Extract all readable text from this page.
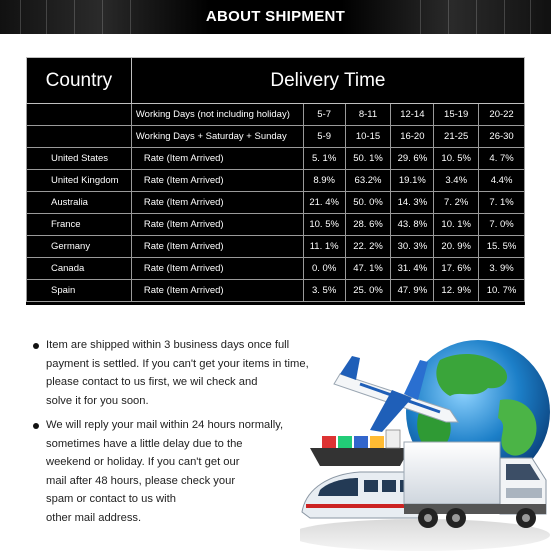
ABOUT SHIPMENT
Country	Delivery Time					
	Working Days (not including holiday)	5-7	8-11	12-14	15-19	20-22
	Working Days + Saturday + Sunday	5-9	10-15	16-20	21-25	26-30
United States	Rate (Item Arrived)	5. 1%	50. 1%	29. 6%	10. 5%	4. 7%
United Kingdom	Rate (Item Arrived)	8.9%	63.2%	19.1%	3.4%	4.4%
Australia	Rate (Item Arrived)	21. 4%	50. 0%	14. 3%	7. 2%	7. 1%
France	Rate (Item Arrived)	10. 5%	28. 6%	43. 8%	10. 1%	7. 0%
Germany	Rate (Item Arrived)	11. 1%	22. 2%	30. 3%	20. 9%	15. 5%
Canada	Rate (Item Arrived)	0. 0%	47. 1%	31. 4%	17. 6%	3. 9%
Spain	Rate (Item Arrived)	3. 5%	25. 0%	47. 9%	12. 9%	10. 7%
Item are shipped within 3 business days once full
payment is settled. If you can't get your items in time,
please contact to us first, we wil check and
solve it for you soon.
We will reply your mail within 24 hours normally,
sometimes have a little delay due to the
weekend or holiday. If you can't get our
mail after 48 hours, please check your
spam or contact to us with
other mail address.
